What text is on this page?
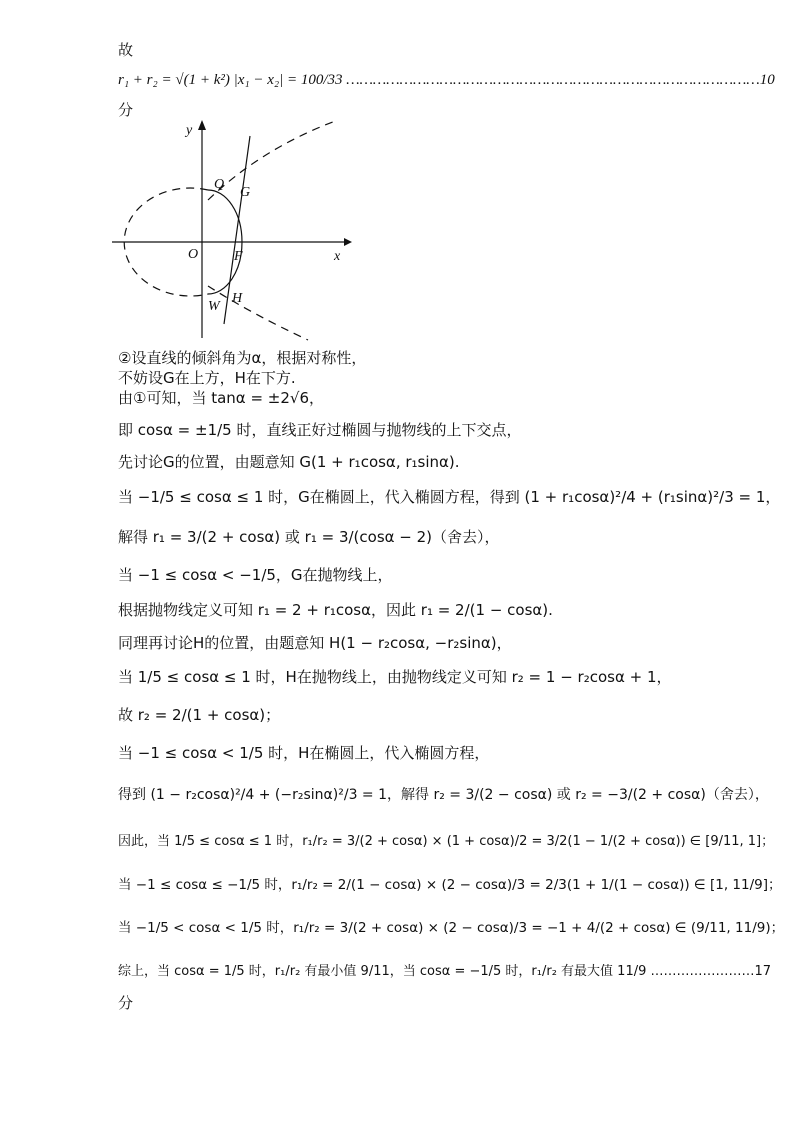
故
r₁ + r₂ = √(1 + k²) |x₁ − x₂| = 100/33 …………………………………………………………………………………10
分
y
x
O	F
Q
G
H
W
②设直线的倾斜角为α，根据对称性，
不妨设G在上方，H在下方.
由①可知，当 tanα = ±2√6，
即 cosα = ±1/5 时，直线正好过椭圆与抛物线的上下交点，
先讨论G的位置，由题意知 G(1 + r₁cosα, r₁sinα).
当 −1/5 ≤ cosα ≤ 1 时，G在椭圆上，代入椭圆方程，得到 (1 + r₁cosα)²/4 + (r₁sinα)²/3 = 1，
解得 r₁ = 3/(2 + cosα) 或 r₁ = 3/(cosα − 2)（舍去），
当 −1 ≤ cosα < −1/5，G在抛物线上，
根据抛物线定义可知 r₁ = 2 + r₁cosα，因此 r₁ = 2/(1 − cosα).
同理再讨论H的位置，由题意知 H(1 − r₂cosα, −r₂sinα)，
当 1/5 ≤ cosα ≤ 1 时，H在抛物线上，由抛物线定义可知 r₂ = 1 − r₂cosα + 1，
故 r₂ = 2/(1 + cosα)；
当 −1 ≤ cosα < 1/5 时，H在椭圆上，代入椭圆方程，
得到 (1 − r₂cosα)²/4 + (−r₂sinα)²/3 = 1，解得 r₂ = 3/(2 − cosα) 或 r₂ = −3/(2 + cosα)（舍去），
因此，当 1/5 ≤ cosα ≤ 1 时，r₁/r₂ = 3/(2 + cosα) × (1 + cosα)/2 = 3/2(1 − 1/(2 + cosα)) ∈ [9/11, 1]；
当 −1 ≤ cosα ≤ −1/5 时，r₁/r₂ = 2/(1 − cosα) × (2 − cosα)/3 = 2/3(1 + 1/(1 − cosα)) ∈ [1, 11/9]；
当 −1/5 < cosα < 1/5 时，r₁/r₂ = 3/(2 + cosα) × (2 − cosα)/3 = −1 + 4/(2 + cosα) ∈ (9/11, 11/9)；
综上，当 cosα = 1/5 时，r₁/r₂ 有最小值 9/11，当 cosα = −1/5 时，r₁/r₂ 有最大值 11/9 ……………………17
分
